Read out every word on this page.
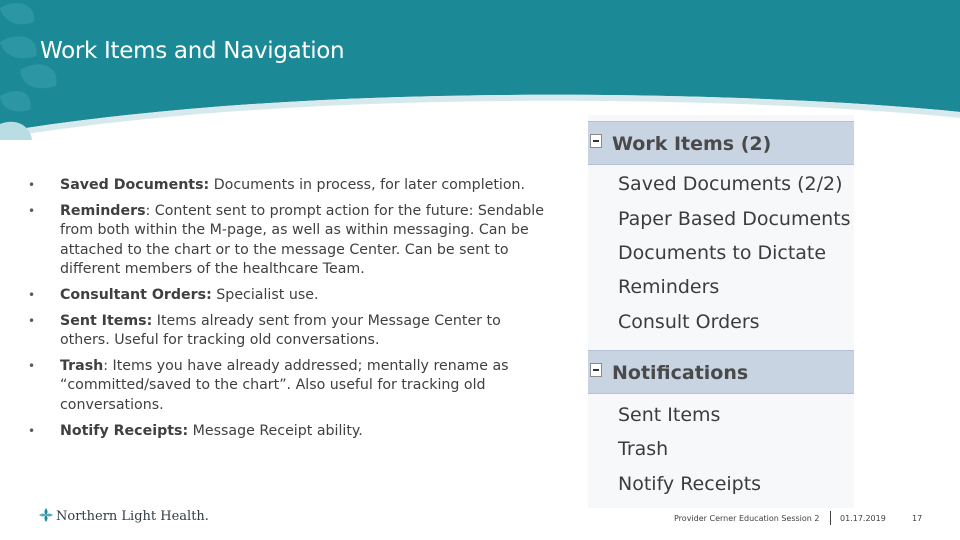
Work Items and Navigation
• Saved Documents: Documents in process, for later completion.
• Reminders: Content sent to prompt action for the future: Sendable from both within the M-page, as well as within messaging. Can be attached to the chart or to the message Center. Can be sent to different members of the healthcare Team.
• Consultant Orders: Specialist use.
• Sent Items: Items already sent from your Message Center to others. Useful for tracking old conversations.
• Trash: Items you have already addressed; mentally rename as “committed/saved to the chart”. Also useful for tracking old conversations.
• Notify Receipts: Message Receipt ability.
Work Items (2)
Saved Documents (2/2)
Paper Based Documents
Documents to Dictate
Reminders
Consult Orders
Notifications
Sent Items
Trash
Notify Receipts
Northern Light Health.	Provider Cerner Education Session 2	01.17.2019	17
